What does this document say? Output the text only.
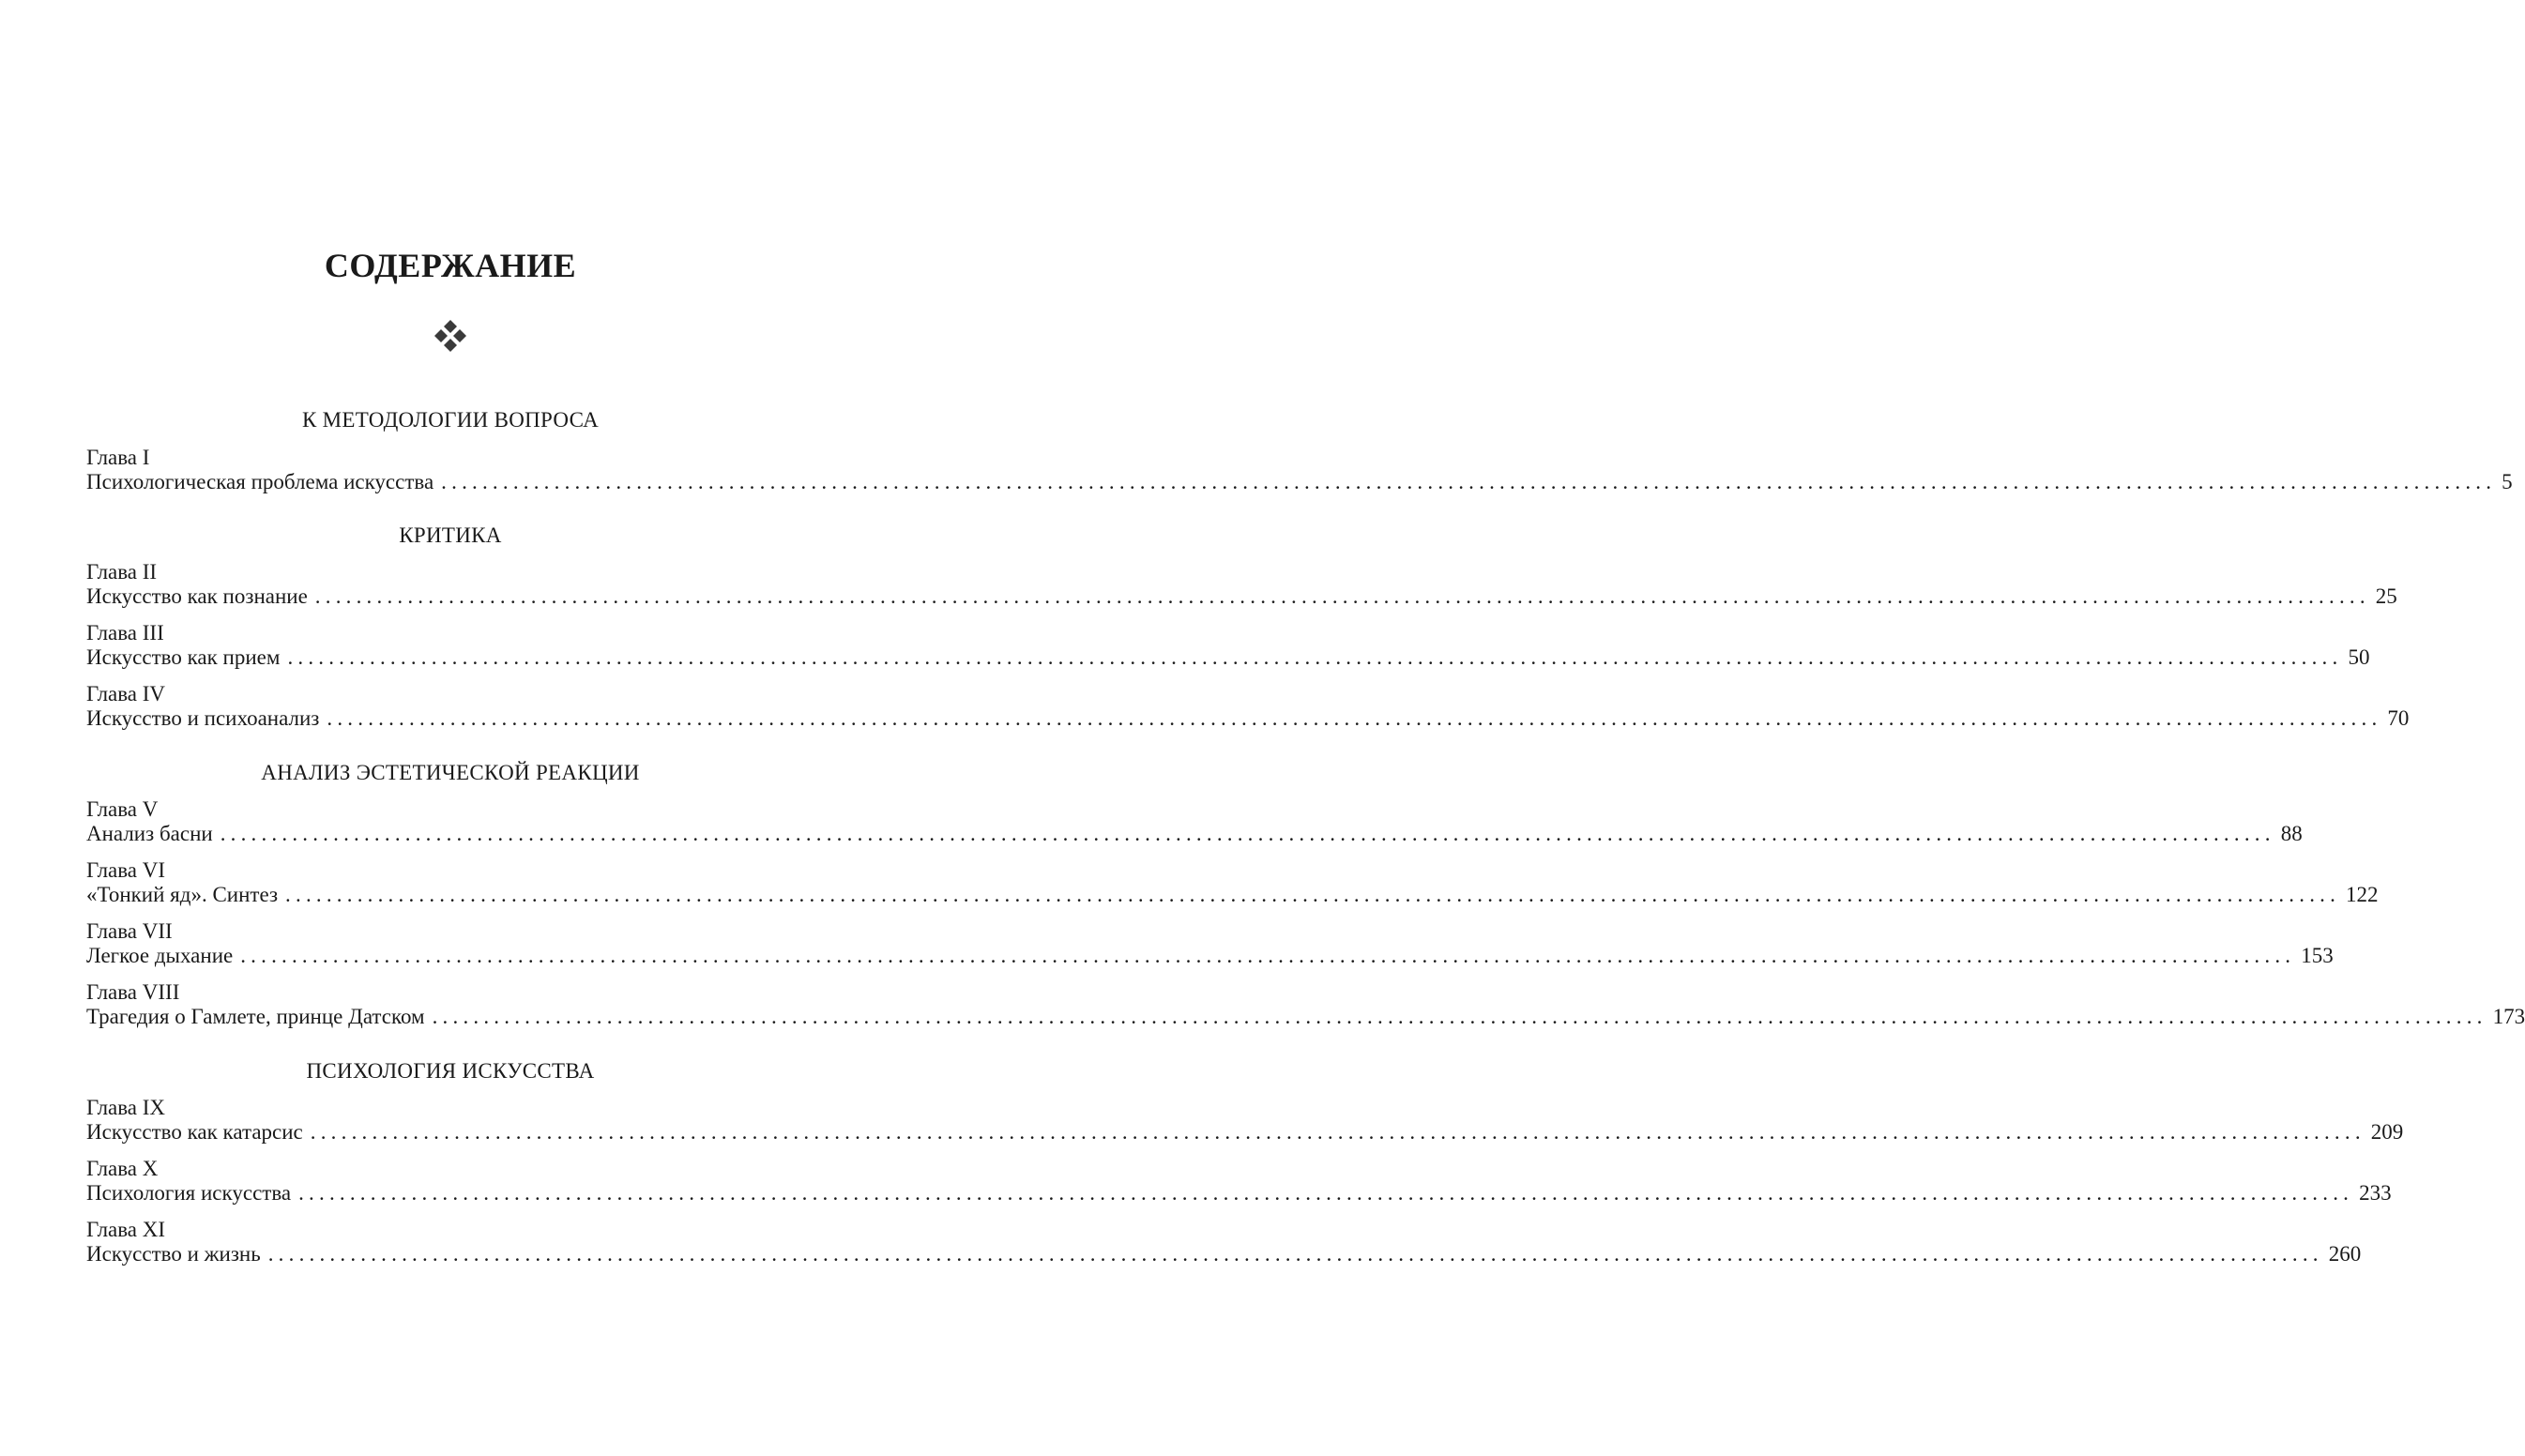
СОДЕРЖАНИЕ
К МЕТОДОЛОГИИ ВОПРОСА
Глава I
Психологическая проблема искусства ........................................................................................................................................................................................................ 5
КРИТИКА
Глава II
Искусство как познание ........................................................................................................................................................................................................ 25
Глава III
Искусство как прием ........................................................................................................................................................................................................ 50
Глава IV
Искусство и психоанализ ........................................................................................................................................................................................................ 70
АНАЛИЗ ЭСТЕТИЧЕСКОЙ РЕАКЦИИ
Глава V
Анализ басни ........................................................................................................................................................................................................ 88
Глава VI
«Тонкий яд». Синтез ........................................................................................................................................................................................................ 122
Глава VII
Легкое дыхание ........................................................................................................................................................................................................ 153
Глава VIII
Трагедия о Гамлете, принце Датском ........................................................................................................................................................................................................ 173
ПСИХОЛОГИЯ ИСКУССТВА
Глава IX
Искусство как катарсис ........................................................................................................................................................................................................ 209
Глава X
Психология искусства ........................................................................................................................................................................................................ 233
Глава XI
Искусство и жизнь ........................................................................................................................................................................................................ 260
